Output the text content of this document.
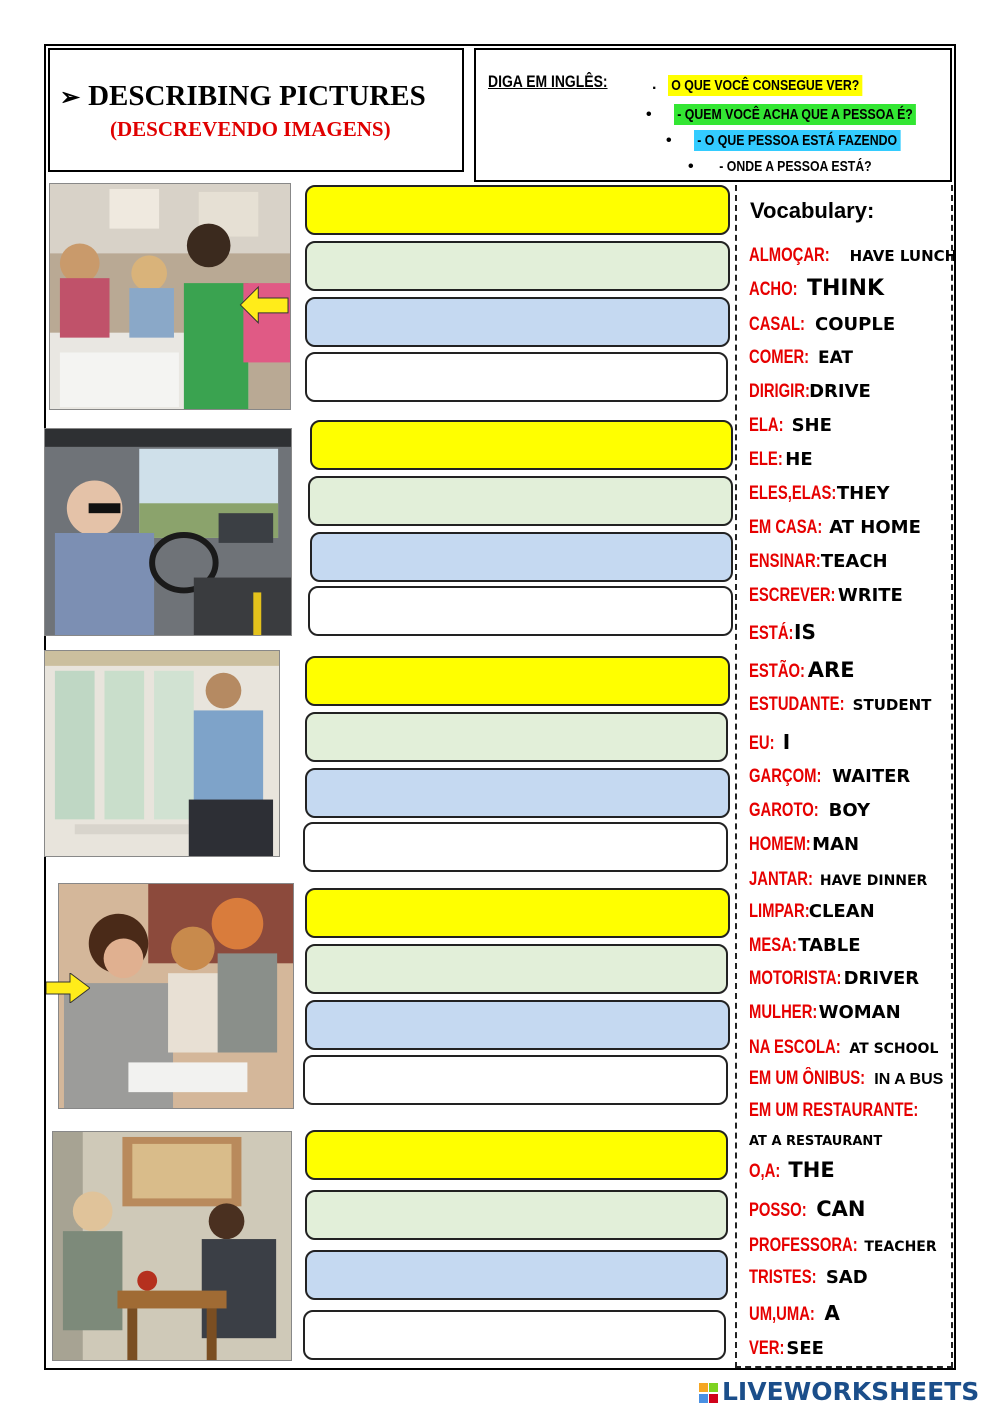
➢ DESCRIBING PICTURES
(DESCREVENDO IMAGENS)
DIGA EM INGLÊS:	. O QUE VOCÊ CONSEGUE VER?
• - QUEM VOCÊ ACHA QUE A PESSOA É?
• - O QUE PESSOA ESTÁ FAZENDO
• - ONDE A PESSOA ESTÁ?
Vocabulary:
ALMOÇAR: HAVE LUNCH
ACHO: THINK
CASAL: COUPLE
COMER: EAT
DIRIGIR:DRIVE
ELA: SHE
ELE: HE
ELES,ELAS:THEY
EM CASA: AT HOME
ENSINAR:TEACH
ESCREVER: WRITE
ESTÁ:IS
ESTÃO: ARE
ESTUDANTE: STUDENT
EU: I
GARÇOM: WAITER
GAROTO: BOY
HOMEM:MAN
JANTAR: HAVE DINNER
LIMPAR:CLEAN
MESA:TABLE
MOTORISTA: DRIVER
MULHER:WOMAN
NA ESCOLA: AT SCHOOL
EM UM ÔNIBUS: IN A BUS
EM UM RESTAURANTE:
AT A RESTAURANT
O,A: THE
POSSO: CAN
PROFESSORA: TEACHER
TRISTES: SAD
UM,UMA: A
VER: SEE
LIVEWORKSHEETS
